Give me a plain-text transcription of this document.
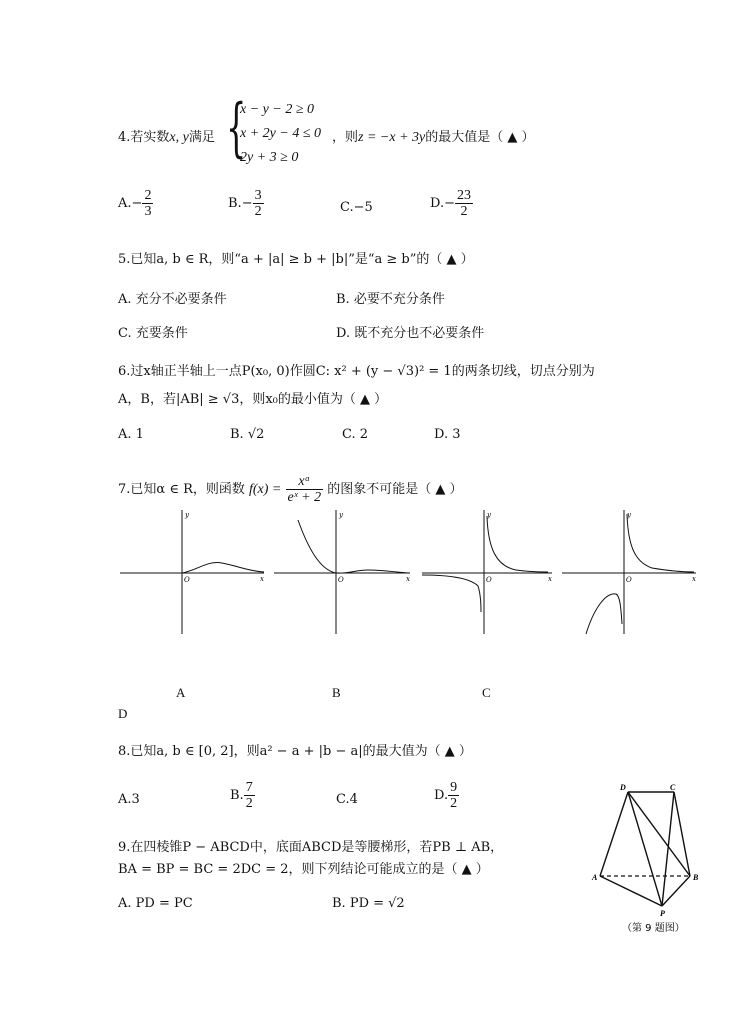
4.若实数x, y满足 {
x − y − 2 ≥ 0
x + 2y − 4 ≤ 0
2y + 3 ≥ 0
，则z = −x + 3y的最大值是（ ▲ ）
$A.- \frac{2}{3}$	$B.- \frac{3}{2}$	C.−5	$D.- \frac{23}{2}$
5.已知a, b ∈ R，则“a + |a| ≥ b + |b|”是“a ≥ b”的（ ▲ ）
A. 充分不必要条件	B. 必要不充分条件
C. 充要条件	D. 既不充分也不必要条件
6.过x轴正半轴上一点P(x₀, 0)作圆C: x² + (y − √3)² = 1的两条切线，切点分别为
A，B，若|AB| ≥ √3，则x₀的最小值为（ ▲ ）
A. 1	B. √2	C. 2	D. 3
7.已知α ∈ R，则函数 $f(x) = \frac{\text{xᵅ}}{\text{eˣ + 2}}$ 的图象不可能是（ ▲ ）
y
x
O
y
x
O
y
x
O
y
x
O
A	B	C
D
8.已知a, b ∈ [0, 2]，则a² − a + |b − a|的最大值为（ ▲ ）
A.3	B. $\frac{7}{2}$	C.4	D. $\frac{9}{2}$
9.在四棱锥P − ABCD中，底面ABCD是等腰梯形，若PB ⊥ AB，
BA = BP = BC = 2DC = 2，则下列结论可能成立的是（ ▲ ）
A. PD = PC	B. PD = √2
D	C
A	B
P
（第 9 题图）
